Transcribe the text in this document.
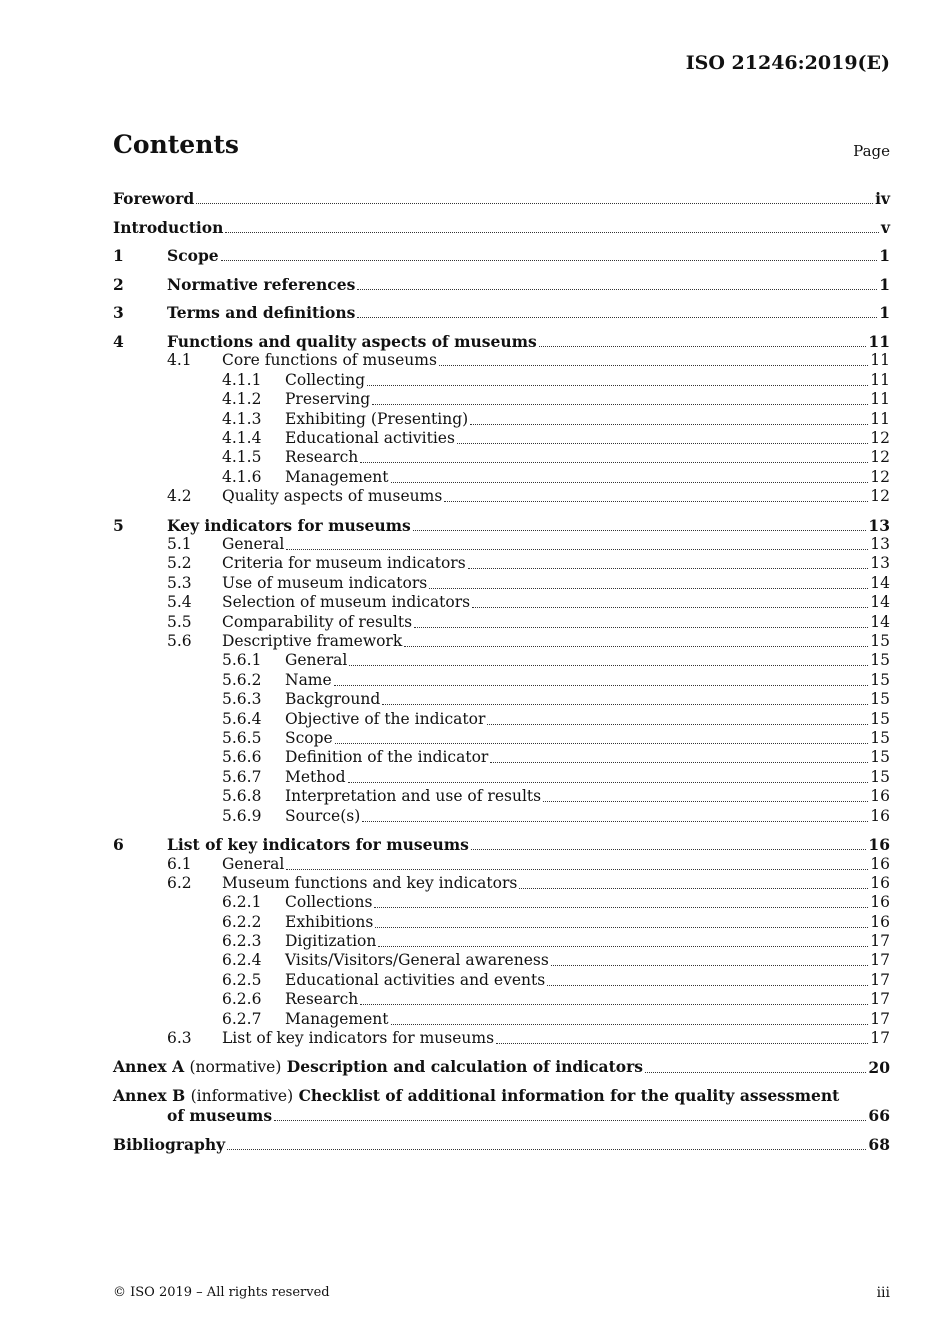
ISO 21246:2019(E)
Contents	Page
Foreword	iv
Introduction	v
1	Scope	1
2	Normative references	1
3	Terms and definitions	1
4	Functions and quality aspects of museums	11
4.1	Core functions of museums	11
4.1.1	Collecting	11
4.1.2	Preserving	11
4.1.3	Exhibiting (Presenting)	11
4.1.4	Educational activities	12
4.1.5	Research	12
4.1.6	Management	12
4.2	Quality aspects of museums	12
5	Key indicators for museums	13
5.1	General	13
5.2	Criteria for museum indicators	13
5.3	Use of museum indicators	14
5.4	Selection of museum indicators	14
5.5	Comparability of results	14
5.6	Descriptive framework	15
5.6.1	General	15
5.6.2	Name	15
5.6.3	Background	15
5.6.4	Objective of the indicator	15
5.6.5	Scope	15
5.6.6	Definition of the indicator	15
5.6.7	Method	15
5.6.8	Interpretation and use of results	16
5.6.9	Source(s)	16
6	List of key indicators for museums	16
6.1	General	16
6.2	Museum functions and key indicators	16
6.2.1	Collections	16
6.2.2	Exhibitions	16
6.2.3	Digitization	17
6.2.4	Visits/Visitors/General awareness	17
6.2.5	Educational activities and events	17
6.2.6	Research	17
6.2.7	Management	17
6.3	List of key indicators for museums	17
Annex A (normative) Description and calculation of indicators	20
Annex B (informative) Checklist of additional information for the quality assessment
of museums	66
Bibliography	68
© ISO 2019 – All rights reserved	iii
